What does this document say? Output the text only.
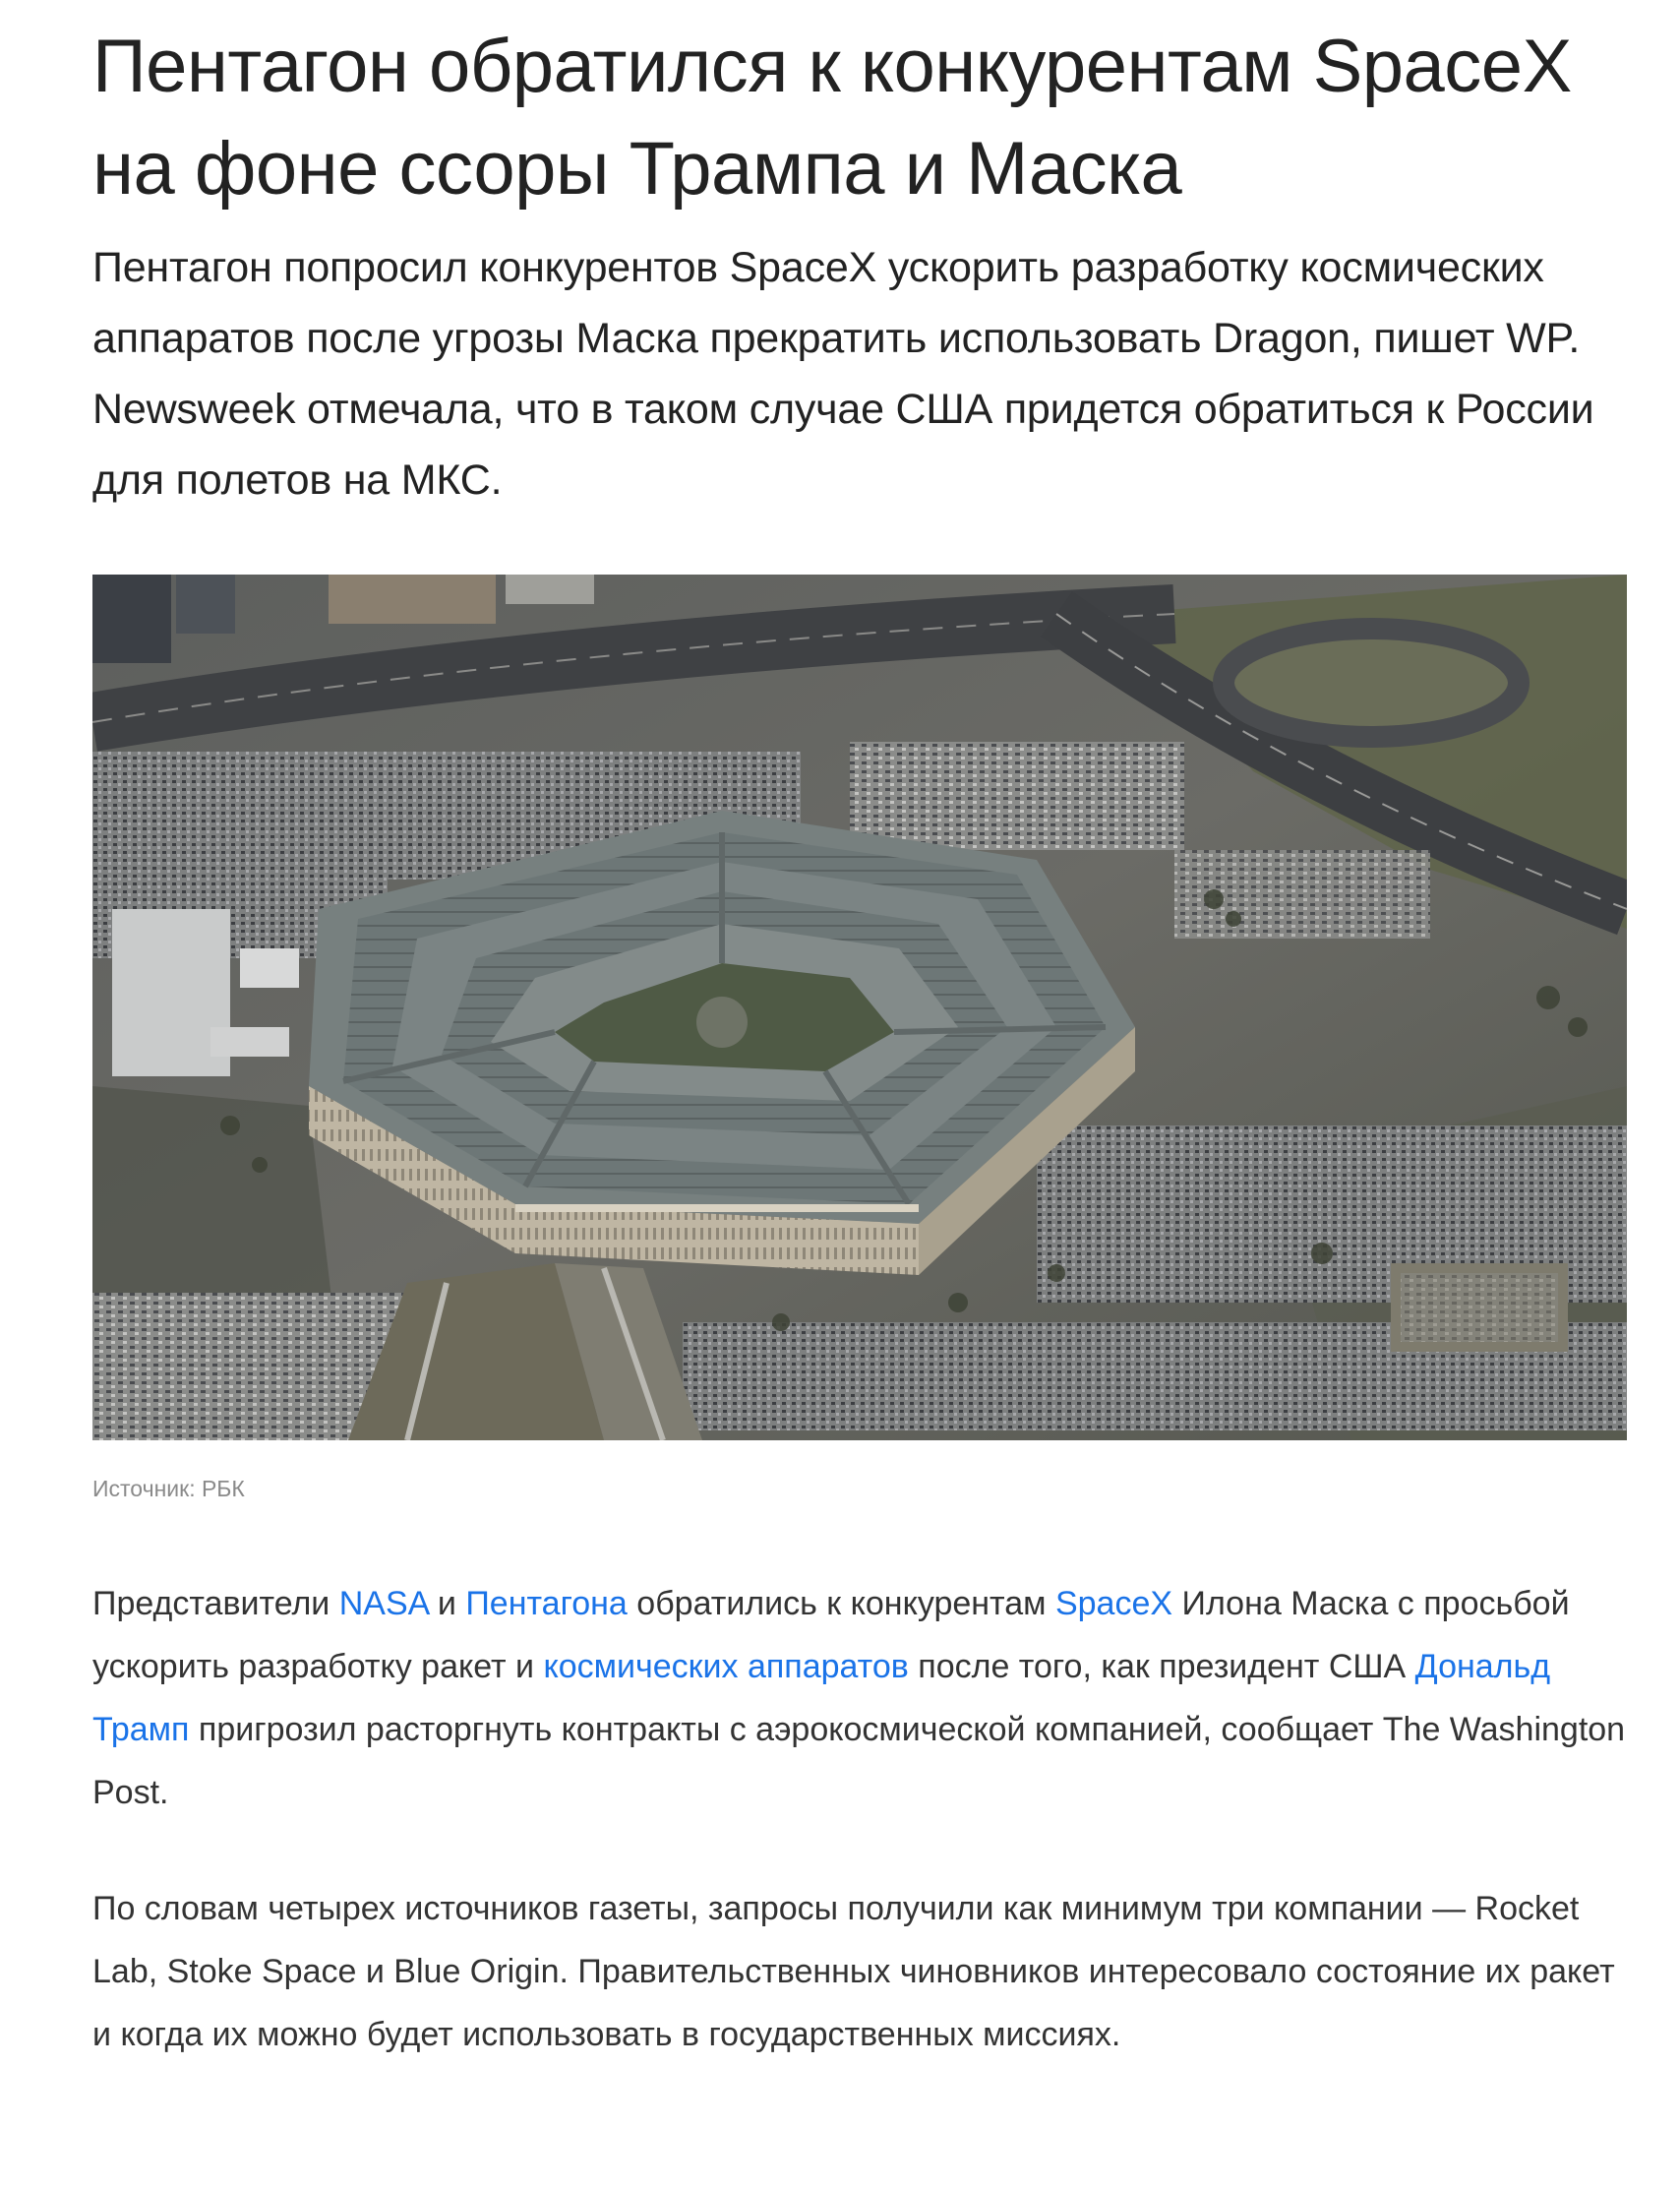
Пентагон обратился к конкурентам SpaceX на фоне ссоры Трампа и Маска

Пентагон попросил конкурентов SpaceX ускорить разработку космических аппаратов после угрозы Маска прекратить использовать Dragon, пишет WP. Newsweek отмечала, что в таком случае США придется обратиться к России для полетов на МКС.

Источник: РБК

Представители NASA и Пентагона обратились к конкурентам SpaceX Илона Маска с просьбой ускорить разработку ракет и космических аппаратов после того, как президент США Дональд Трамп пригрозил расторгнуть контракты с аэрокосмической компанией, сообщает The Washington Post.

По словам четырех источников газеты, запросы получили как минимум три компании — Rocket Lab, Stoke Space и Blue Origin. Правительственных чиновников интересовало состояние их ракет и когда их можно будет использовать в государственных миссиях.
